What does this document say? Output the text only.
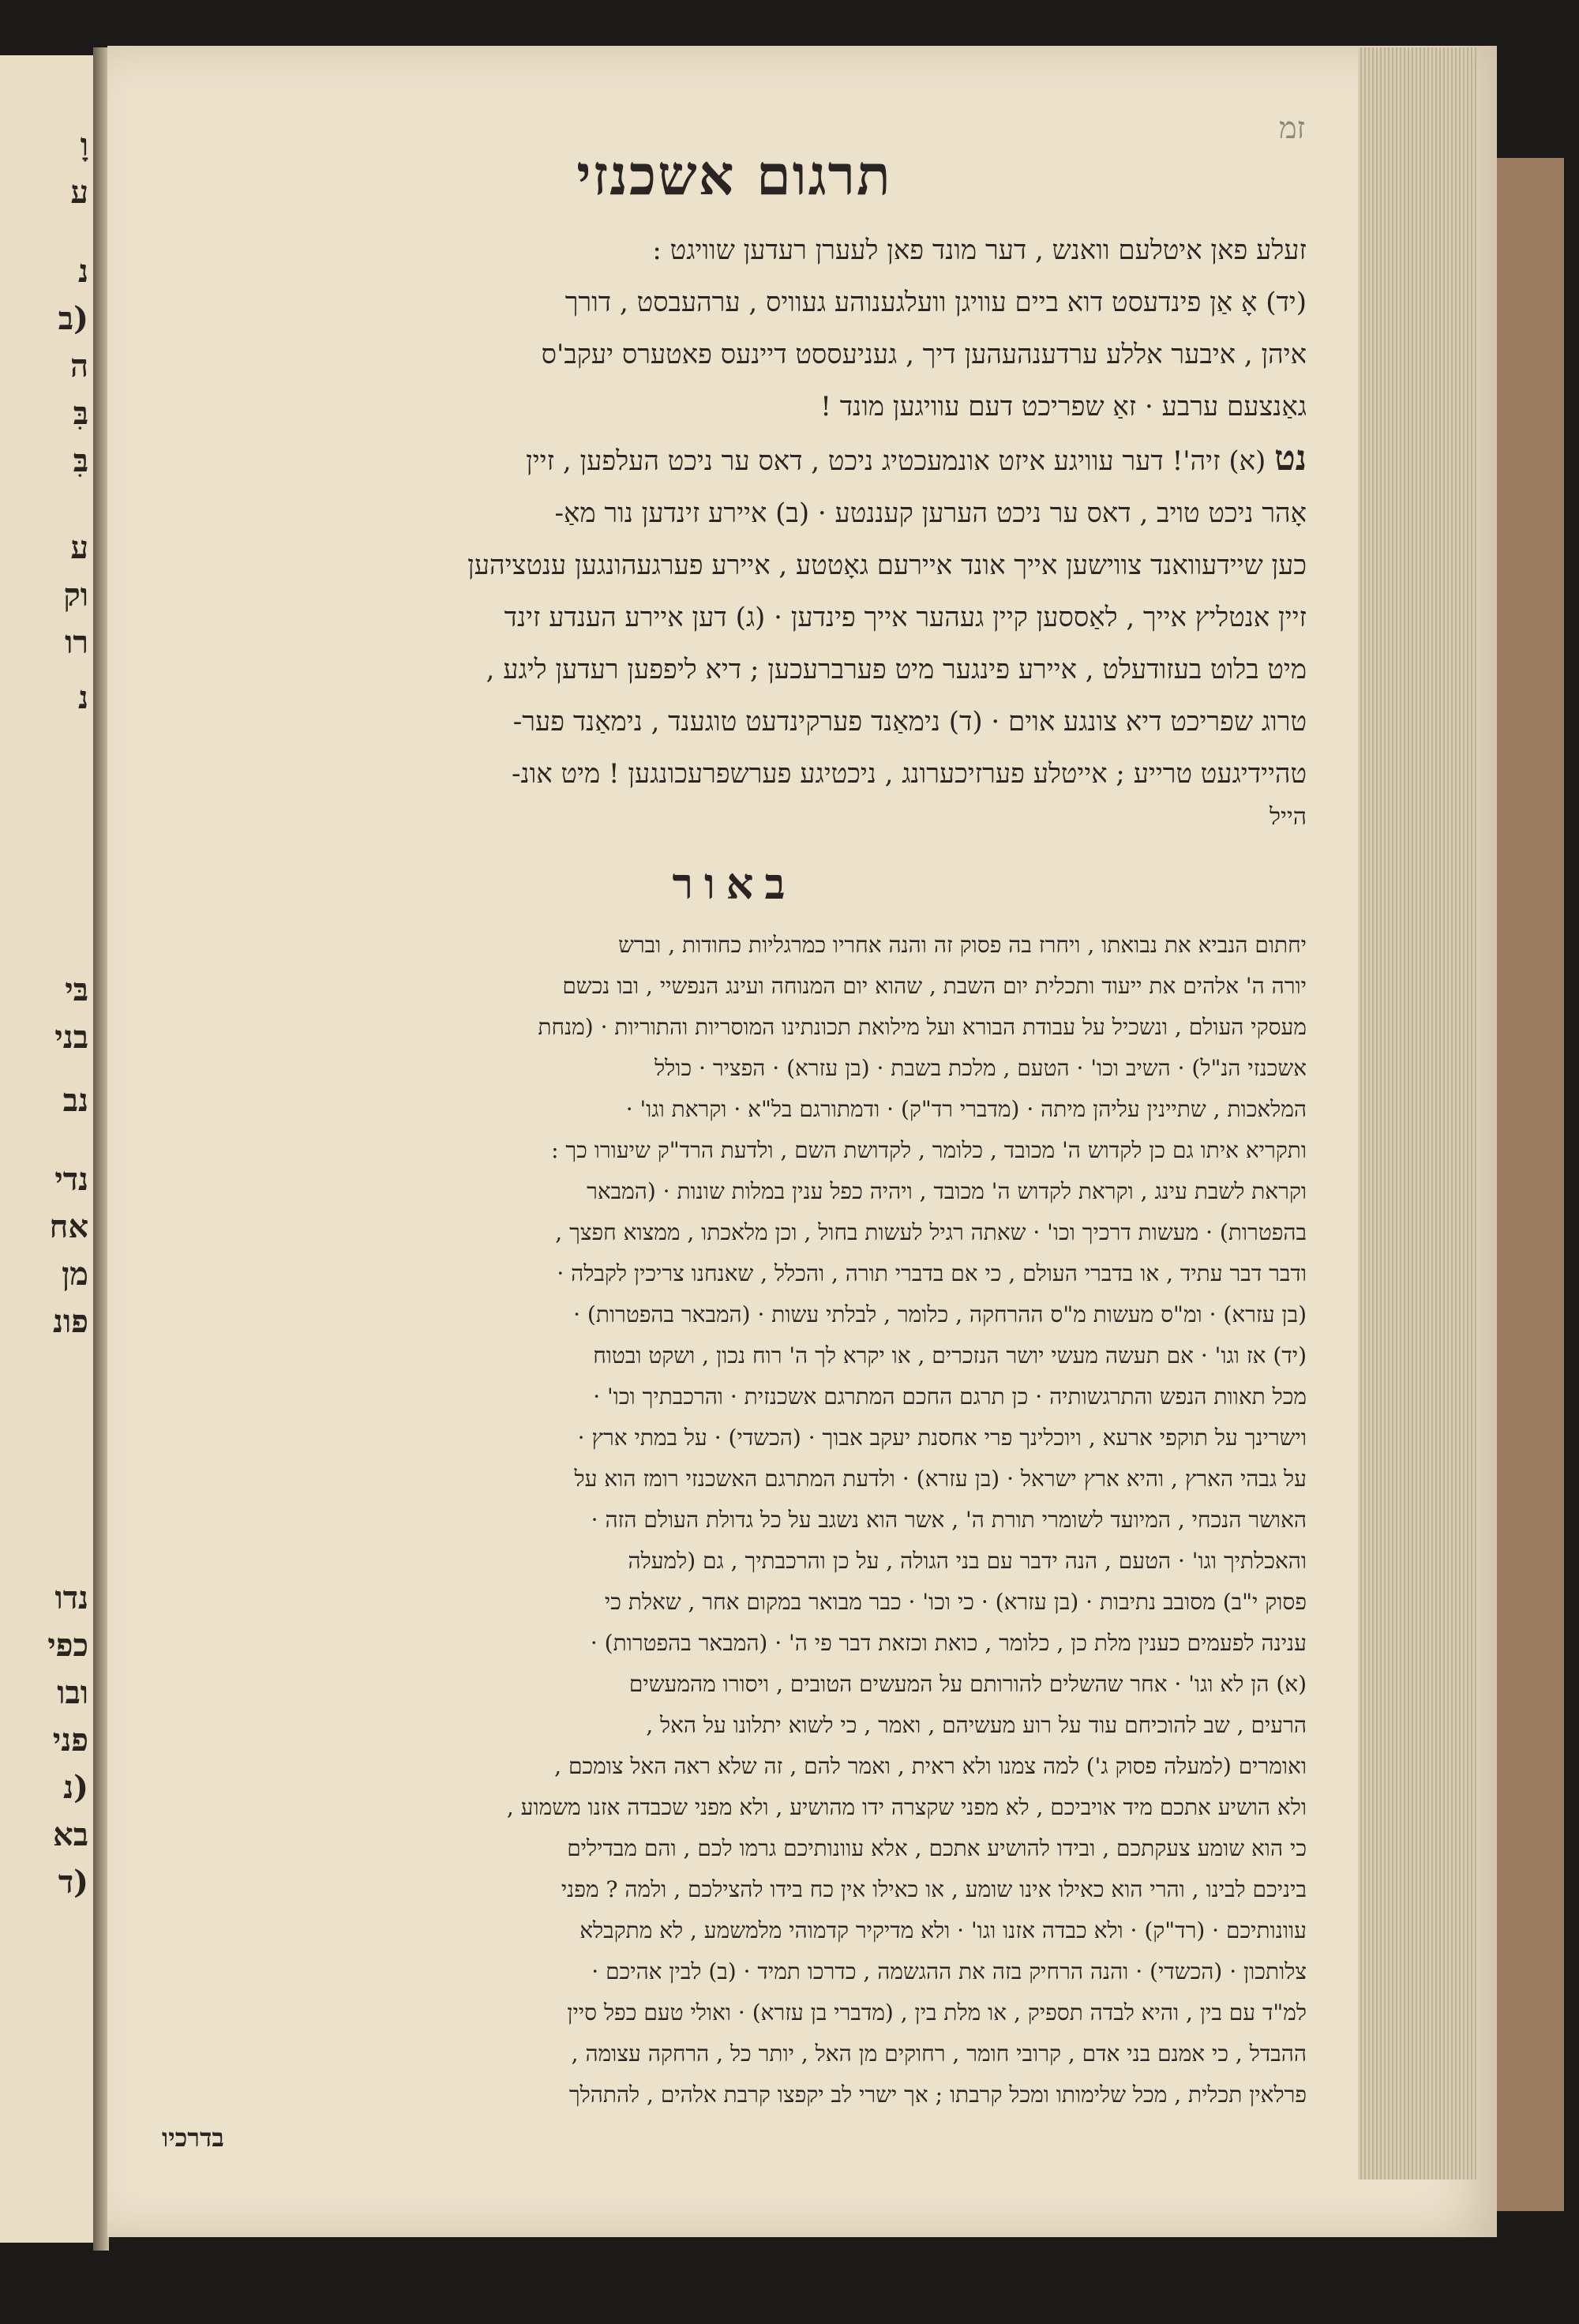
וָ
ע
נ
(ב
ה
בִּ
בִּ
ע
וק
רו
נ
בּי
בני
נב
נדי
אח
מן
פונ
נדו
כפי
ובו
פני
(נ
בא
(ד
זמ
תרגום אשכנזי
זעלע פאן איטלעם וואנש , דער מונד פאן לעערן רעדען שוויגט :
(יד) אָ אַן פינדעסט דוא ביים עוויגן וועלגענוהע געוויס , ערהעבסט , דורך
איהן , איבער אללע ערדענהעהען דיך , געניעססט דיינעס פאטערס יעקב'ס
גאַנצעם ערבע · זאַ שפריכט דעם עוויגען מונד !
נט (א) זיה'! דער עוויגע איזט אונמעכטיג ניכט , דאס ער ניכט העלפען , זיין
אָהר ניכט טויב , דאס ער ניכט הערען קעננטע · (ב) איירע זינדען נור מאַ-
כען שיידעוואנד צווישען אייך אונד איירעם גאָטטע , איירע פערגעהונגען ענטציהען
זיין אנטליץ אייך , לאַססען קיין געהער אייך פינדען · (ג) דען איירע הענדע זינד
מיט בלוט בעזודעלט , איירע פינגער מיט פערברעכען ; דיא ליפפען רעדען ליגע ,
טרוג שפריכט דיא צונגע אוים · (ד) נימאַנד פערקינדעט טוגענד , נימאַנד פער-
טהיידיגעט טרייע ; אייטלע פערזיכערונג , ניכטיגע פערשפרעכונגען ! מיט אונ-
הייל
באור
יחתום הנביא את נבואתו , ויחרז בה פסוק זה והנה אחריו כמרגליות כחודות , וברש
יורה ה' אלהים את ייעוד ותכלית יום השבת , שהוא יום המנוחה ועינג הנפשיי , ובו נכשם
מעסקי העולם , ונשכיל על עבודת הבורא ועל מילואת תכונתינו המוסריות והתוריות · (מנחת
אשכנזי הנ"ל) · השיב וכו' · הטעם , מלכת בשבת · (בן עזרא) · הפציר · כולל
המלאכות , שתיינין עליהן מיתה · (מדברי רד"ק) · ודמתורגם בל"א · וקראת וגו' ·
ותקריא איתו גם כן לקדוש ה' מכובד , כלומר , לקדושת השם , ולדעת הרד"ק שיעורו כך :
וקראת לשבת עינג , וקראת לקדוש ה' מכובד , ויהיה כפל ענין במלות שונות · (המבאר
בהפטרות) · מעשות דרכיך וכו' · שאתה רגיל לעשות בחול , וכן מלאכתו , ממצוא חפצך ,
ודבר דבר עתיד , או בדברי העולם , כי אם בדברי תורה , והכלל , שאנחנו צריכין לקבלה ·
(בן עזרא) · ומ"ס מעשות מ"ס ההרחקה , כלומר , לבלתי עשות · (המבאר בהפטרות) ·
(יד) אז וגו' · אם תעשה מעשי יושר הנזכרים , או יקרא לך ה' רוח נכון , ושקט ובטוח
מכל תאוות הנפש והתרגשותיה · כן תרגם החכם המתרגם אשכנזית · והרכבתיך וכו' ·
וישרינך על תוקפי ארעא , ויוכלינך פרי אחסנת יעקב אבוך · (הכשדי) · על במתי ארץ ·
על גבהי הארץ , והיא ארץ ישראל · (בן עזרא) · ולדעת המתרגם האשכנזי רומז הוא על
האושר הנכחי , המיועד לשומרי תורת ה' , אשר הוא נשגב על כל גדולת העולם הזה ·
והאכלתיך וגו' · הטעם , הנה ידבר עם בני הגולה , על כן והרכבתיך , גם (למעלה
פסוק י"ב) מסובב נתיבות · (בן עזרא) · כי וכו' · כבר מבואר במקום אחר , שאלת כי
ענינה לפעמים כענין מלת כן , כלומר , כואת וכזאת דבר פי ה' · (המבאר בהפטרות) ·
(א) הן לא וגו' · אחר שהשלים להורותם על המעשים הטובים , ויסורו מהמעשים
הרעים , שב להוכיחם עוד על רוע מעשיהם , ואמר , כי לשוא יתלונו על האל ,
ואומרים (למעלה פסוק ג') למה צמנו ולא ראית , ואמר להם , זה שלא ראה האל צומכם ,
ולא הושיע אתכם מיד אויביכם , לא מפני שקצרה ידו מהושיע , ולא מפני שכבדה אזנו משמוע ,
כי הוא שומע צעקתכם , ובידו להושיע אתכם , אלא עוונותיכם גרמו לכם , והם מבדילים
ביניכם לבינו , והרי הוא כאילו אינו שומע , או כאילו אין כח בידו להצילכם , ולמה ? מפני
עוונותיכם · (רד"ק) · ולא כבדה אזנו וגו' · ולא מדיקיר קדמוהי מלמשמע , לא מתקבלא
צלותכון · (הכשדי) · והנה הרחיק בזה את ההגשמה , כדרכו תמיד · (ב) לבין אהיכם ·
למ"ד עם בין , והיא לבדה תספיק , או מלת בין , (מדברי בן עזרא) · ואולי טעם כפל סיין
ההבדל , כי אמנם בני אדם , קרובי חומר , רחוקים מן האל , יותר כל , הרחקה עצומה ,
פרלאין תכלית , מכל שלימותו ומכל קרבתו ; אך ישרי לב יקפצו קרבת אלהים , להתהלך
בדרכיו
